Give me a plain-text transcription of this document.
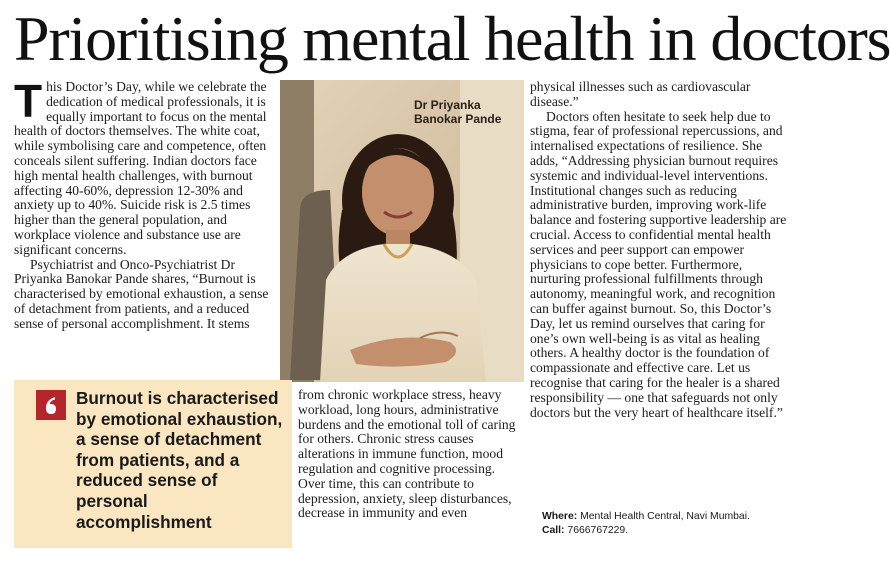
Prioritising mental health in doctors

This Doctor’s Day, while we celebrate the dedication of medical professionals, it is equally important to focus on the mental health of doctors themselves. The white coat, while symbolising care and competence, often conceals silent suffering. Indian doctors face high mental health challenges, with burnout affecting 40-60%, depression 12-30% and anxiety up to 40%. Suicide risk is 2.5 times higher than the general population, and workplace violence and substance use are significant concerns.

Psychiatrist and Onco-Psychiatrist Dr Priyanka Banokar Pande shares, “Burnout is characterised by emotional exhaustion, a sense of detachment from patients, and a reduced sense of personal accomplishment. It stems

Dr Priyanka Banokar Pande

Burnout is characterised by emotional exhaustion, a sense of detachment from patients, and a reduced sense of personal accomplishment

from chronic workplace stress, heavy workload, long hours, administrative burdens and the emotional toll of caring for others. Chronic stress causes alterations in immune function, mood regulation and cognitive processing. Over time, this can contribute to depression, anxiety, sleep disturbances, decrease in immunity and even

physical illnesses such as cardiovascular disease.”

Doctors often hesitate to seek help due to stigma, fear of professional repercussions, and internalised expectations of resilience. She adds, “Addressing physician burnout requires systemic and individual-level interventions. Institutional changes such as reducing administrative burden, improving work-life balance and fostering supportive leadership are crucial. Access to confidential mental health services and peer support can empower physicians to cope better. Furthermore, nurturing professional fulfillments through autonomy, meaningful work, and recognition can buffer against burnout. So, this Doctor’s Day, let us remind ourselves that caring for one’s own well-being is as vital as healing others. A healthy doctor is the foundation of compassionate and effective care. Let us recognise that caring for the healer is a shared responsibility — one that safeguards not only doctors but the very heart of healthcare itself.”

Where: Mental Health Central, Navi Mumbai.
Call: 7666767229.
